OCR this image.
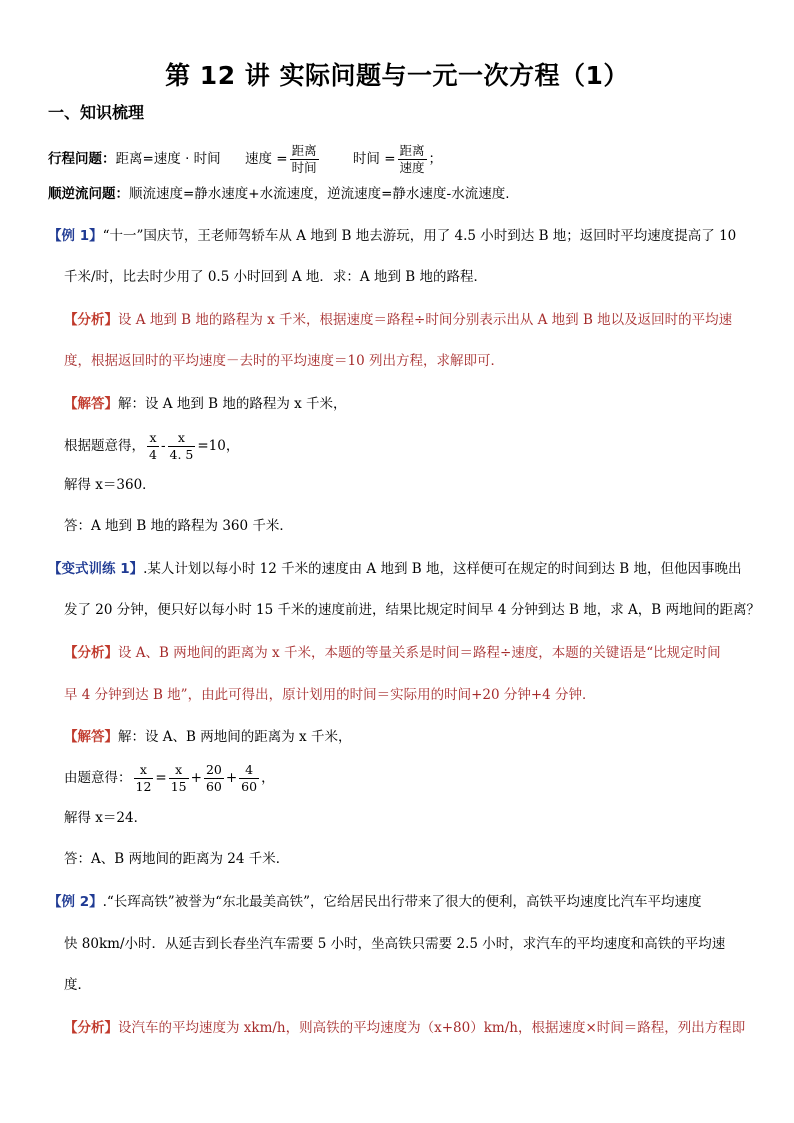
第 12 讲 实际问题与一元一次方程（1）
一、知识梳理
行程问题：距离=速度 · 时间 速度 = $\frac{\text{距离}}{\text{时间}}$	时间 = $\frac{\text{距离}}{\text{速度}}$ ；
顺逆流问题：顺流速度=静水速度+水流速度，逆流速度=静水速度-水流速度.
【例 1】“十一”国庆节，王老师驾轿车从 A 地到 B 地去游玩，用了 4.5 小时到达 B 地；返回时平均速度提高了 10
千米/时，比去时少用了 0.5 小时回到 A 地．求：A 地到 B 地的路程．
【分析】设 A 地到 B 地的路程为 x 千米，根据速度＝路程÷时间分别表示出从 A 地到 B 地以及返回时的平均速
度，根据返回时的平均速度－去时的平均速度＝10 列出方程，求解即可．
【解答】解：设 A 地到 B 地的路程为 x 千米，
根据题意得， $\frac{x}{4} - \frac{x}{4. 5} =10$，
解得 x＝360．
答：A 地到 B 地的路程为 360 千米．
【变式训练 1】.某人计划以每小时 12 千米的速度由 A 地到 B 地，这样便可在规定的时间到达 B 地，但他因事晚出
发了 20 分钟，便只好以每小时 15 千米的速度前进，结果比规定时间早 4 分钟到达 B 地，求 A，B 两地间的距离？
【分析】设 A、B 两地间的距离为 x 千米，本题的等量关系是时间＝路程÷速度，本题的关键语是“比规定时间
早 4 分钟到达 B 地”，由此可得出，原计划用的时间＝实际用的时间+20 分钟+4 分钟．
【解答】解：设 A、B 两地间的距离为 x 千米，
由题意得： $\frac{x}{12} = \frac{x}{15} + \frac{20}{60} + \frac{4}{60}$ ，
解得 x＝24．
答：A、B 两地间的距离为 24 千米．
【例 2】.“长珲高铁”被誉为“东北最美高铁”，它给居民出行带来了很大的便利，高铁平均速度比汽车平均速度
快 80km/小时．从延吉到长春坐汽车需要 5 小时，坐高铁只需要 2.5 小时，求汽车的平均速度和高铁的平均速
度．
【分析】设汽车的平均速度为 xkm/h，则高铁的平均速度为（x+80）km/h，根据速度×时间＝路程，列出方程即
